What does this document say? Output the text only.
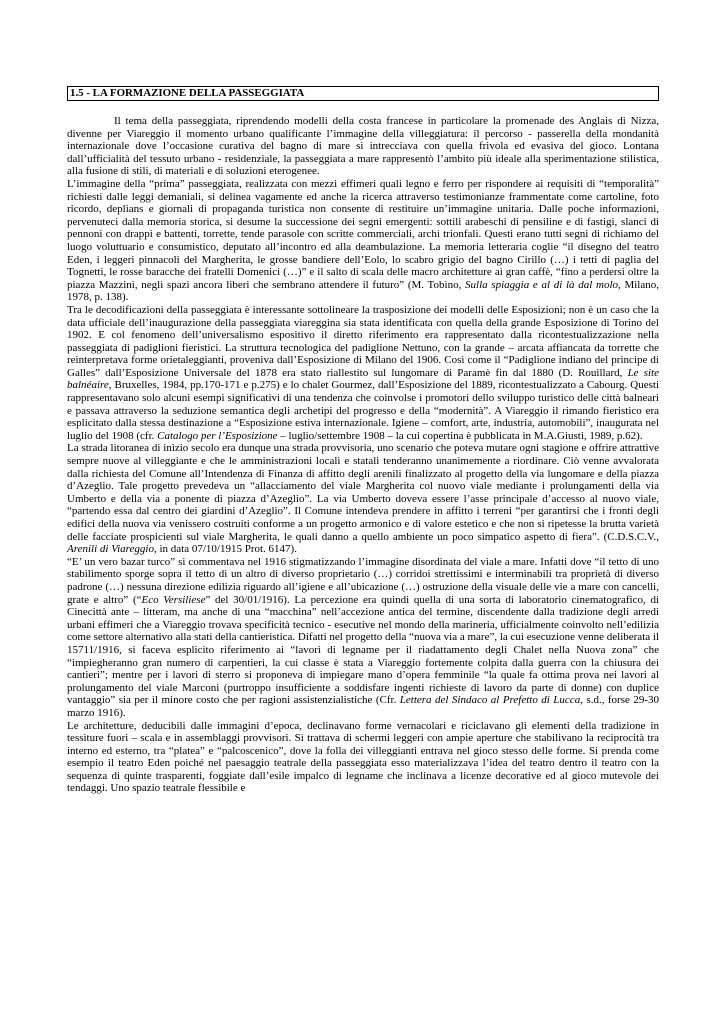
1.5 - LA FORMAZIONE DELLA PASSEGGIATA

Il tema della passeggiata, riprendendo modelli della costa francese in particolare la promenade des Anglais di Nizza, divenne per Viareggio il momento urbano qualificante l’immagine della villeggiatura: il percorso - passerella della mondanità internazionale dove l’occasione curativa del bagno di mare si intrecciava con quella frivola ed evasiva del gioco. Lontana dall’ufficialità del tessuto urbano - residenziale, la passeggiata a mare rappresentò l’ambito più ideale alla sperimentazione stilistica, alla fusione di stili, di materiali e di soluzioni eterogenee.

L’immagine della “prima” passeggiata, realizzata con mezzi effimeri quali legno e ferro per rispondere ai requisiti di “temporalità” richiesti dalle leggi demaniali, si delinea vagamente ed anche la ricerca attraverso testimonianze frammentate come cartoline, foto ricordo, deplians e giornali di propaganda turistica non consente di restituire un’immagine unitaria. Dalle poche informazioni, pervenuteci dalla memoria storica, si desume la successione dei segni emergenti: sottili arabeschi di pensiline e di fastigi, slanci di pennoni con drappi e battenti, torrette, tende parasole con scritte commerciali, archi trionfali. Questi erano tutti segni di richiamo del luogo voluttuario e consumistico, deputato all’incontro ed alla deambulazione. La memoria letteraria coglie “il disegno del teatro Eden, i leggeri pinnacoli del Margherita, le grosse bandiere dell’Eolo, lo scabro grigio del bagno Cirillo (…) i tetti di paglia del Tognetti, le rosse baracche dei fratelli Domenici (…)” e il salto di scala delle macro architetture ai gran caffè, “fino a perdersi oltre la piazza Mazzini, negli spazi ancora liberi che sembrano attendere il futuro” (M. Tobino, Sulla spiaggia e al di là dal molo, Milano, 1978, p. 138).

Tra le decodificazioni della passeggiata è interessante sottolineare la trasposizione dei modelli delle Esposizioni; non è un caso che la data ufficiale dell’inaugurazione della passeggiata viareggina sia stata identificata con quella della grande Esposizione di Torino del 1902. E col fenomeno dell’universalismo espositivo il diretto riferimento era rappresentato dalla ricontestualizzazione nella passeggiata di padiglioni fieristici. La struttura tecnologica del padiglione Nettuno, con la grande – arcata affiancata da torrette che reinterpretava forme orietaleggianti, proveniva dall’Esposizione di Milano del 1906. Così come il “Padiglione indiano del principe di Galles” dall’Esposizione Universale del 1878 era stato riallestito sul lungomare di Paramè fin dal 1880 (D. Rouillard, Le site balnéaire, Bruxelles, 1984, pp.170-171 e p.275) e lo chalet Gourmez, dall’Esposizione del 1889, ricontestualizzato a Cabourg. Questi rappresentavano solo alcuni esempi significativi di una tendenza che coinvolse i promotori dello sviluppo turistico delle città balneari e passava attraverso la seduzione semantica degli archetipi del progresso e della “modernità”. A Viareggio il rimando fieristico era esplicitato dalla stessa destinazione a “Esposizione estiva internazionale. Igiene – comfort, arte, industria, automobili”, inaugurata nel luglio del 1908 (cfr. Catalogo per l’Esposizione – luglio/settembre 1908 – la cui copertina è pubblicata in M.A.Giusti, 1989, p.62).

La strada litoranea di inizio secolo era dunque una strada provvisoria, uno scenario che poteva mutare ogni stagione e offrire attrattive sempre nuove al villeggiante e che le amministrazioni locali e statali tenderanno unanimemente a riordinare. Ciò venne avvalorata dalla richiesta del Comune all’Intendenza di Finanza di affitto degli arenili finalizzato al progetto della via lungomare e della piazza d’Azeglio. Tale progetto prevedeva un “allacciamento del viale Margherita col nuovo viale mediante i prolungamenti della via Umberto e della via a ponente di piazza d’Azeglio”. La via Umberto doveva essere l’asse principale d’accesso al nuovo viale, “partendo essa dal centro dei giardini d’Azeglio”. Il Comune intendeva prendere in affitto i terreni “per garantirsi che i fronti degli edifici della nuova via venissero costruiti conforme a un progetto armonico e di valore estetico e che non si ripetesse la brutta varietà delle facciate prospicienti sul viale Margherita, le quali danno a quello ambiente un poco simpatico aspetto di fiera”. (C.D.S.C.V., Arenili di Viareggio, in data 07/10/1915 Prot. 6147).

“E’ un vero bazar turco” si commentava nel 1916 stigmatizzando l’immagine disordinata del viale a mare. Infatti dove “il tetto di uno stabilimento sporge sopra il tetto di un altro di diverso proprietario (…) corridoi strettissimi e interminabili tra proprietà di diverso padrone (…) nessuna direzione edilizia riguardo all’igiene e all’ubicazione (…) ostruzione della visuale delle vie a mare con cancelli, grate e altro” (“Eco Versiliese” del 30/01/1916). La percezione era quindi quella di una sorta di laboratorio cinematografico, di Cinecittà ante – litteram, ma anche di una “macchina” nell’accezione antica del termine, discendente dalla tradizione degli arredi urbani effimeri che a Viareggio trovava specificità tecnico - esecutive nel mondo della marineria, ufficialmente coinvolto nell’edilizia come settore alternativo alla stati della cantieristica. Difatti nel progetto della “nuova via a mare”, la cui esecuzione venne deliberata il 15711/1916, si faceva esplicito riferimento ai “lavori di legname per il riadattamento degli Chalet nella Nuova zona” che “impiegheranno gran numero di carpentieri, la cui classe è stata a Viareggio fortemente colpita dalla guerra con la chiusura dei cantieri”; mentre per i lavori di sterro si proponeva di impiegare mano d’opera femminile “la quale fa ottima prova nei lavori al prolungamento del viale Marconi (purtroppo insufficiente a soddisfare ingenti richieste di lavoro da parte di donne) con duplice vantaggio” sia per il minore costo che per ragioni assistenzialistiche (Cfr. Lettera del Sindaco al Prefetto di Lucca, s.d., forse 29-30 marzo 1916).

Le architetture, deducibili dalle immagini d’epoca, declinavano forme vernacolari e riciclavano gli elementi della tradizione in tessiture fuori – scala e in assemblaggi provvisori. Si trattava di schermi leggeri con ampie aperture che stabilivano la reciprocità tra interno ed esterno, tra “platea” e “palcoscenico”, dove la folla dei villeggianti entrava nel gioco stesso delle forme. Si prenda come esempio il teatro Eden poiché nel paesaggio teatrale della passeggiata esso materializzava l’idea del teatro dentro il teatro con la sequenza di quinte trasparenti, foggiate dall’esile impalco di legname che inclinava a licenze decorative ed al gioco mutevole dei tendaggi. Uno spazio teatrale flessibile e
